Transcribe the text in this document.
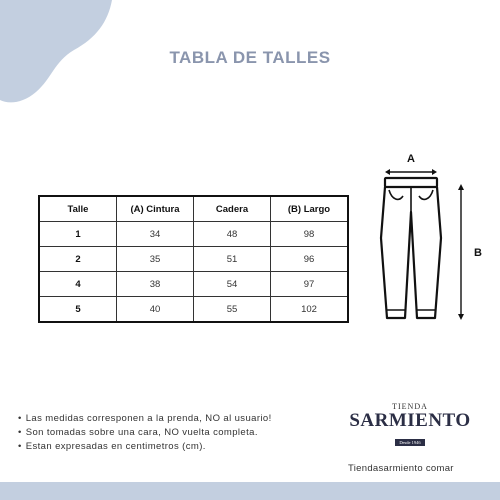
TABLA DE TALLES
Talle	(A) Cintura	Cadera	(B) Largo
1	34	48	98
2	35	51	96
4	38	54	97
5	40	55	102
A
B
• Las medidas corresponen a la prenda, NO al usuario!
• Son tomadas sobre una cara, NO vuelta completa.
• Estan expresadas en centimetros (cm).
TIENDA
SARMIENTO
Desde 1946
Tiendasarmiento comar
